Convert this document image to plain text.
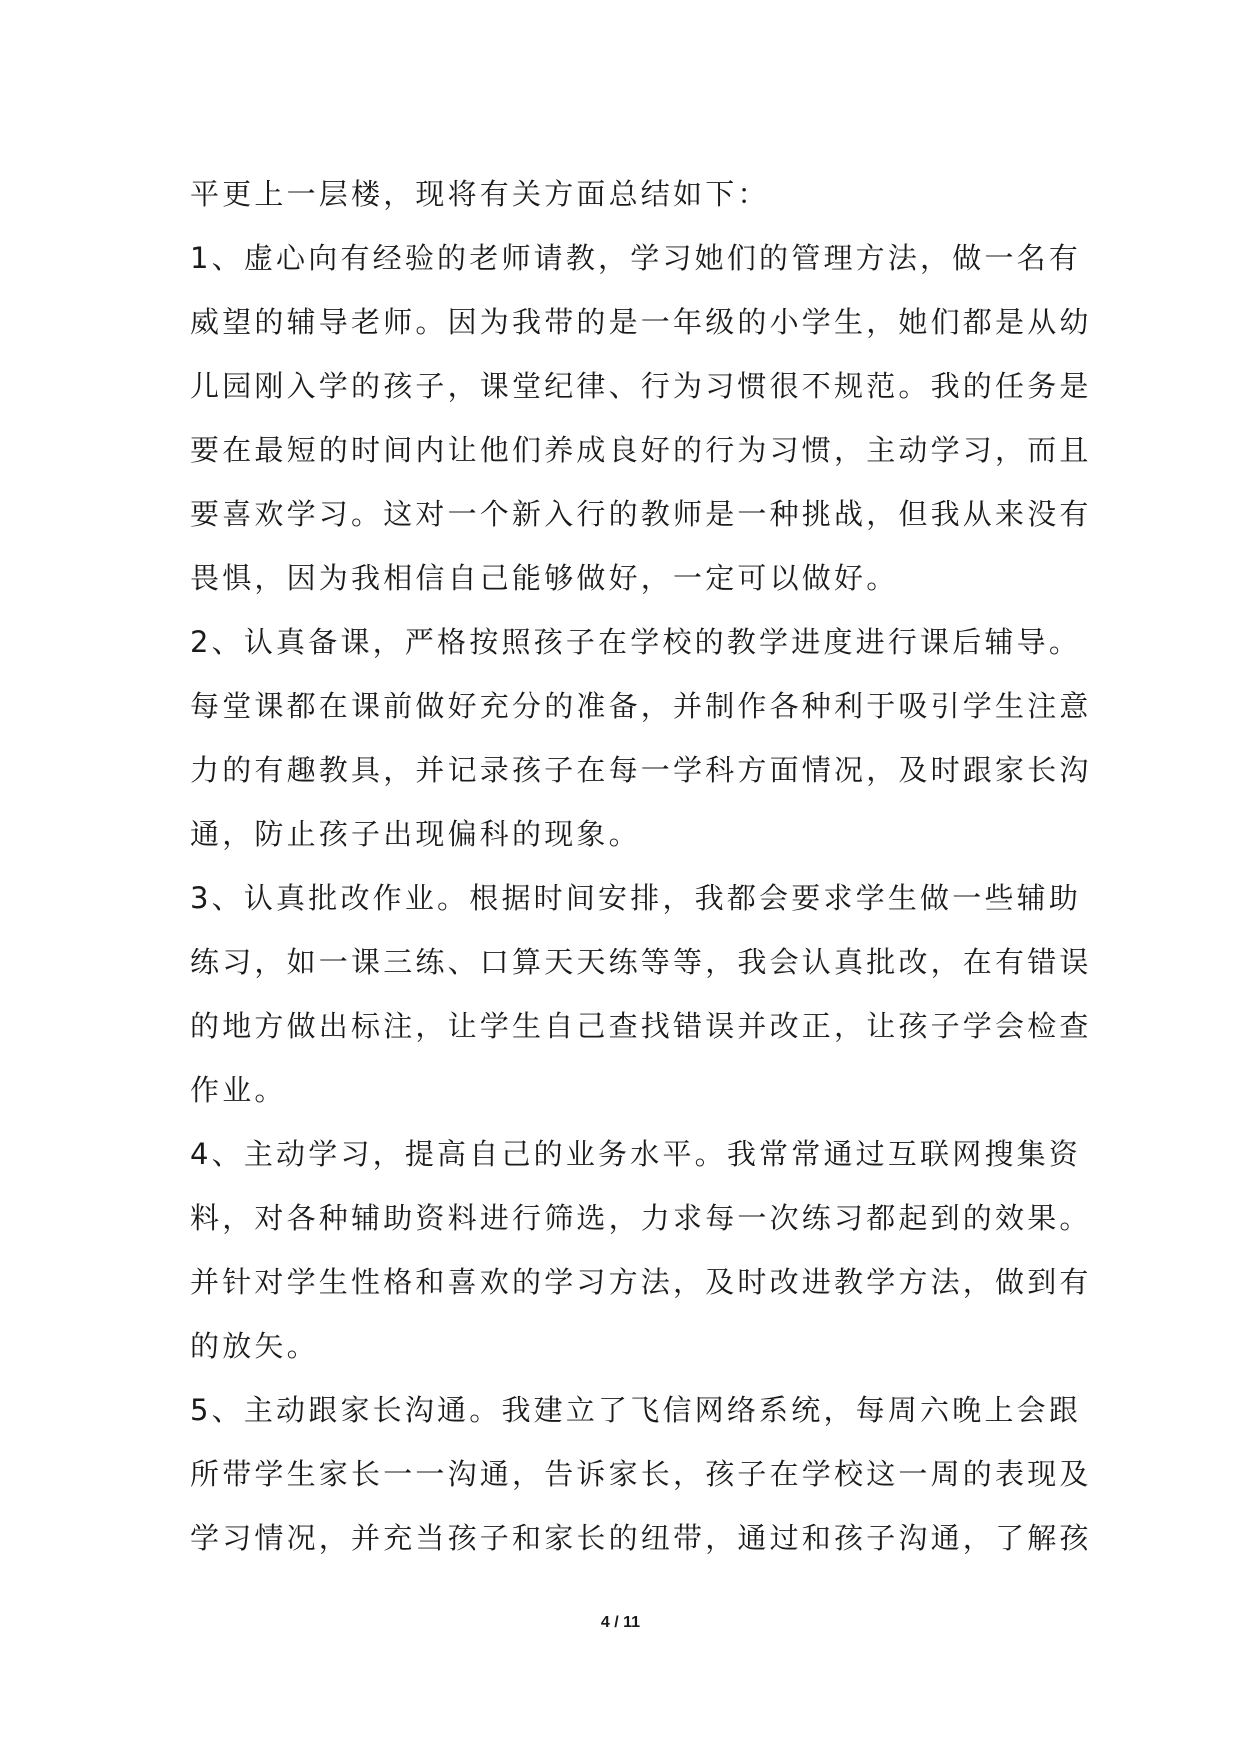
平更上一层楼，现将有关方面总结如下：
1、虚心向有经验的老师请教，学习她们的管理方法，做一名有
威望的辅导老师。因为我带的是一年级的小学生，她们都是从幼
儿园刚入学的孩子，课堂纪律、行为习惯很不规范。我的任务是
要在最短的时间内让他们养成良好的行为习惯，主动学习，而且
要喜欢学习。这对一个新入行的教师是一种挑战，但我从来没有
畏惧，因为我相信自己能够做好，一定可以做好。
2、认真备课，严格按照孩子在学校的教学进度进行课后辅导。
每堂课都在课前做好充分的准备，并制作各种利于吸引学生注意
力的有趣教具，并记录孩子在每一学科方面情况，及时跟家长沟
通，防止孩子出现偏科的现象。
3、认真批改作业。根据时间安排，我都会要求学生做一些辅助
练习，如一课三练、口算天天练等等，我会认真批改，在有错误
的地方做出标注，让学生自己查找错误并改正，让孩子学会检查
作业。
4、主动学习，提高自己的业务水平。我常常通过互联网搜集资
料，对各种辅助资料进行筛选，力求每一次练习都起到的效果。
并针对学生性格和喜欢的学习方法，及时改进教学方法，做到有
的放矢。
5、主动跟家长沟通。我建立了飞信网络系统，每周六晚上会跟
所带学生家长一一沟通，告诉家长，孩子在学校这一周的表现及
学习情况，并充当孩子和家长的纽带，通过和孩子沟通，了解孩
4 / 11
